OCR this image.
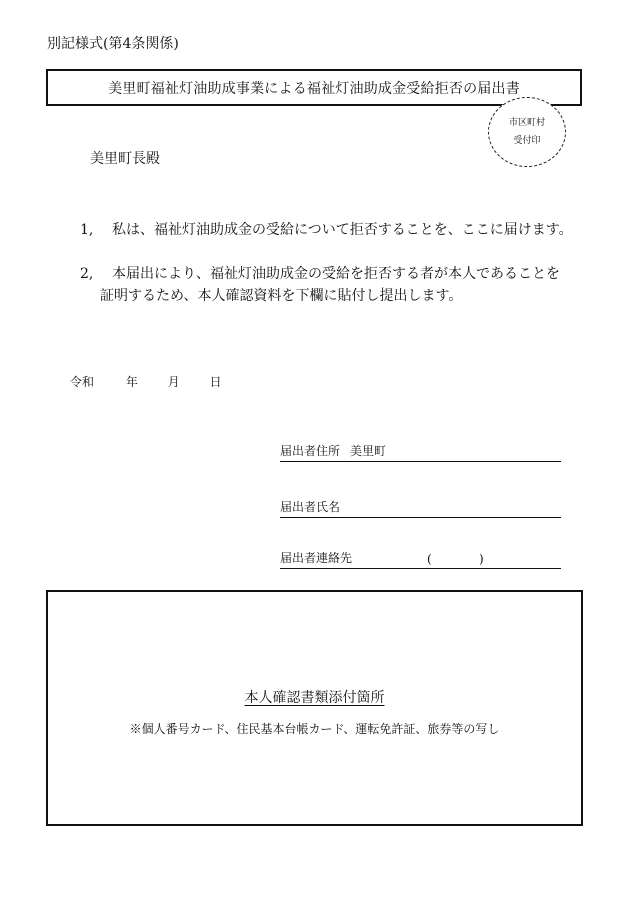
別記様式(第4条関係)
美里町福祉灯油助成事業による福祉灯油助成金受給拒否の届出書
市区町村
受付印
美里町長殿
1, 私は、福祉灯油助成金の受給について拒否することを、ここに届けます。
2, 本届出により、福祉灯油助成金の受給を拒否する者が本人であることを
証明するため、本人確認資料を下欄に貼付し提出します。
令和	年 月 日
届出者住所 美里町
届出者氏名
届出者連絡先	(	)
本人確認書類添付箇所
※個人番号カード、住民基本台帳カード、運転免許証、旅券等の写し
